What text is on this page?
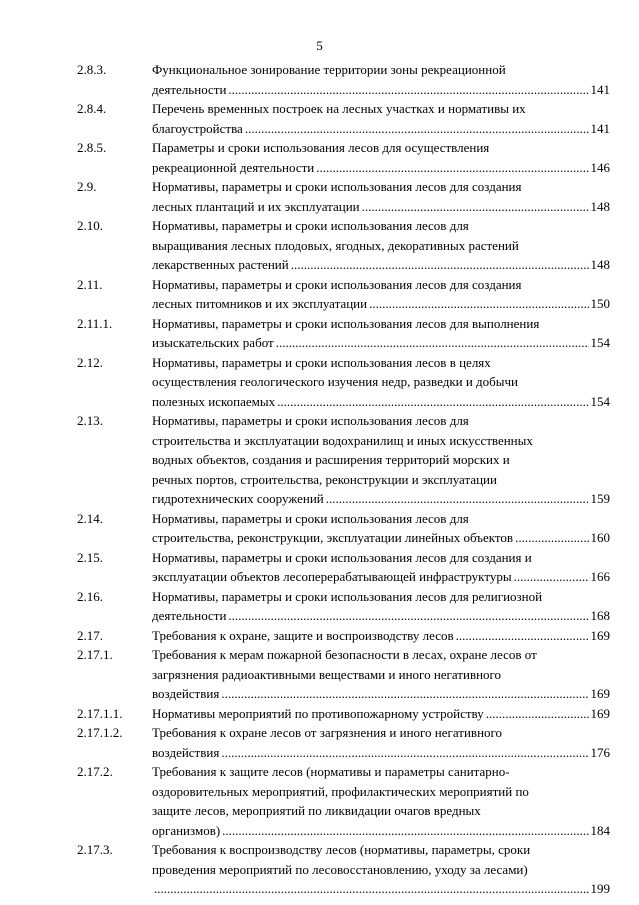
5
2.8.3.	Функциональное зонирование территории зоны рекреационной
деятельности .....	141
2.8.4.	Перечень временных построек на лесных участках и нормативы их
благоустройства .....	141
2.8.5.	Параметры и сроки использования лесов для осуществления
рекреационной деятельности .....	146
2.9.	Нормативы, параметры и сроки использования лесов для создания
лесных плантаций и их эксплуатации .....	148
2.10.	Нормативы, параметры и сроки использования лесов для
выращивания лесных плодовых, ягодных, декоративных растений
лекарственных растений .....	148
2.11.	Нормативы, параметры и сроки использования лесов для создания
лесных питомников и их эксплуатации .....	150
2.11.1.	Нормативы, параметры и сроки использования лесов для выполнения
изыскательских работ .....	154
2.12.	Нормативы, параметры и сроки использования лесов в целях
осуществления геологического изучения недр, разведки и добычи
полезных ископаемых .....	154
2.13.	Нормативы, параметры и сроки использования лесов для
строительства и эксплуатации водохранилищ и иных искусственных
водных объектов, создания и расширения территорий морских и
речных портов, строительства, реконструкции и эксплуатации
гидротехнических сооружений .....	159
2.14.	Нормативы, параметры и сроки использования лесов для
строительства, реконструкции, эксплуатации линейных объектов .....	160
2.15.	Нормативы, параметры и сроки использования лесов для создания и
эксплуатации объектов лесоперерабатывающей инфраструктуры .....	166
2.16.	Нормативы, параметры и сроки использования лесов для религиозной
деятельности .....	168
2.17.	Требования к охране, защите и воспроизводству лесов .....	169
2.17.1.	Требования к мерам пожарной безопасности в лесах, охране лесов от
загрязнения радиоактивными веществами и иного негативного
воздействия .....	169
2.17.1.1. Нормативы мероприятий по противопожарному устройству .....	169
2.17.1.2. Требования к охране лесов от загрязнения и иного негативного
воздействия .....	176
2.17.2.	Требования к защите лесов (нормативы и параметры санитарно-
оздоровительных мероприятий, профилактических мероприятий по
защите лесов, мероприятий по ликвидации очагов вредных
организмов) .....	184
2.17.3.	Требования к воспроизводству лесов (нормативы, параметры, сроки
проведения мероприятий по лесовосстановлению, уходу за лесами)
.....
199
